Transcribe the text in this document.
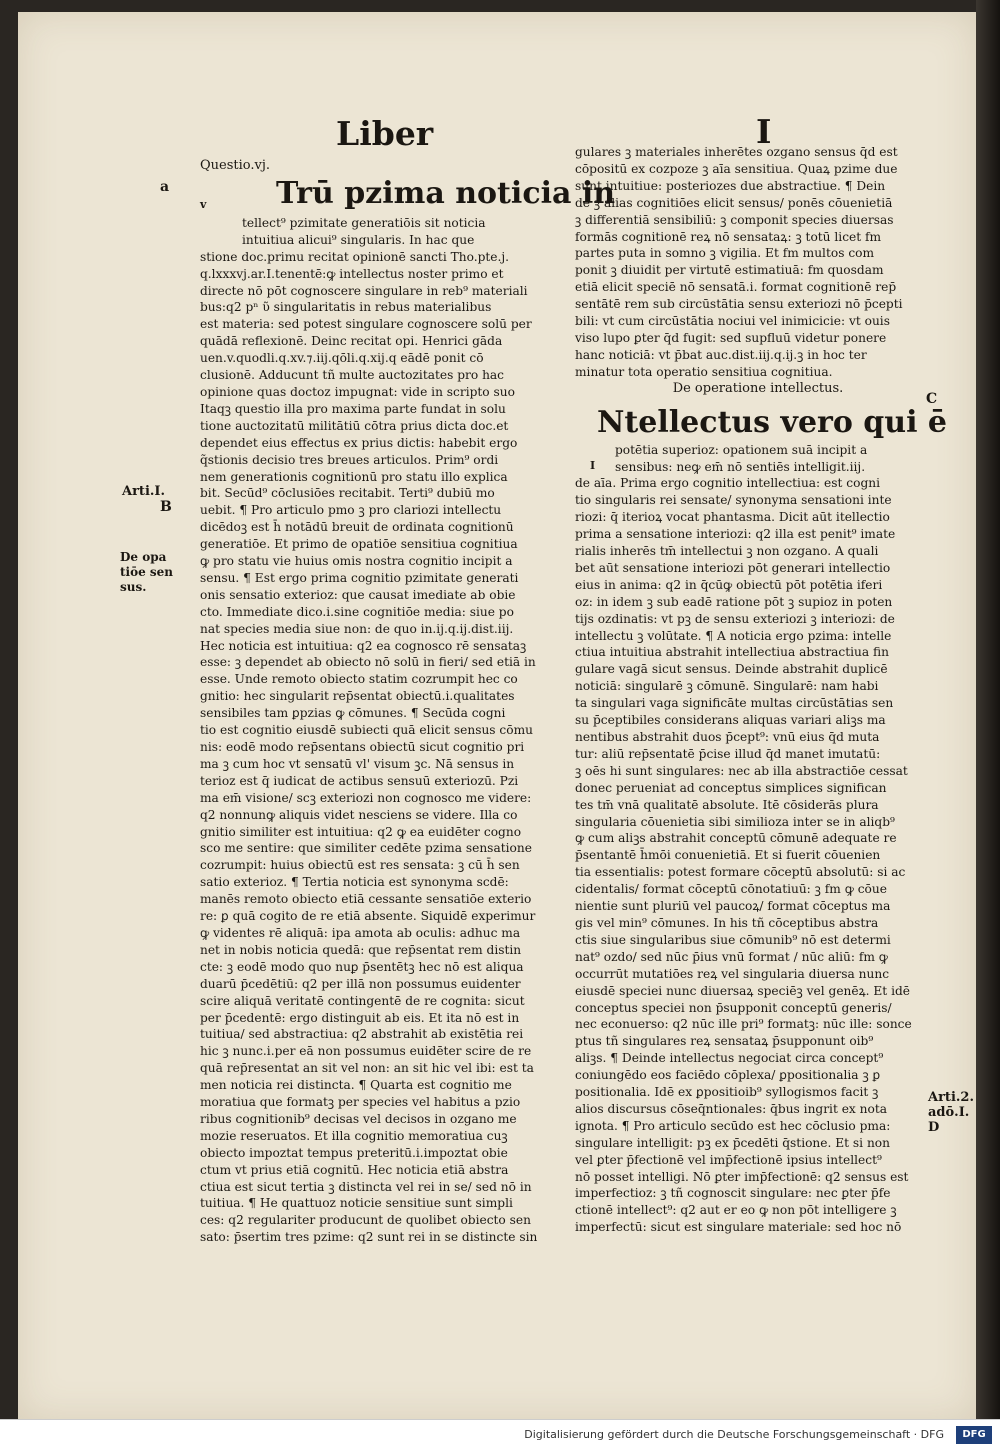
Liber	I

Questio.vj.

Trū pzima noticia in

tellect⁹ pzimitate generatiōis sit noticia

intuitiua alicui⁹ singularis. In hac que

stione doc.primu recitat opinionē sancti Tho.pte.j.

q.lxxxvj.ar.I.tenentē:ꝙ intellectus noster primo et

directe nō pōt cognoscere singulare in reb⁹ materiali

bus:q2 pⁿ ῦ singularitatis in rebus materialibus

est materia: sed potest singulare cognoscere solū per

quādā reflexionē. Deinc recitat opi. Henrici gāda

uen.v.quodli.q.xv.⁊.iij.qōli.q.xij.q eādē ponit cō

clusionē. Adducunt tñ multe auctozitates pro hac

opinione quas doctoz impugnat: vide in scripto suo

Itaqꝫ questio illa pro maxima parte fundat in solu

tione auctozitatū militātiū cōtra prius dicta doc.et

dependet eius effectus ex prius dictis: habebit ergo

q̃stionis decisio tres breues articulos. Prim⁹ ordi

nem generationis cognitionū pro statu illo explica

bit. Secūd⁹ cōclusiōes recitabit. Terti⁹ dubiū mo

uebit. ¶ Pro articulo pmo ꝫ pro clariozi intellectu

dicēdoꝫ est h̄ notādū breuit de ordinata cognitionū

generatiōe. Et primo de opatiōe sensitiua cognitiua

ꝙ pro statu vie huius omis nostra cognitio incipit a

sensu. ¶ Est ergo prima cognitio pzimitate generati

onis sensatio exterioz: que causat imediate ab obie

cto. Immediate dico.i.sine cognitiōe media: siue po

nat species media siue non: de quo in.ij.q.ij.dist.iij.

Hec noticia est intuitiua: q2 ea cognosco rē sensataꝫ

esse: ꝫ dependet ab obiecto nō solū in fieri/ sed etiā in

esse. Unde remoto obiecto statim cozrumpit hec co

gnitio: hec singularit rep̄sentat obiectū.i.qualitates

sensibiles tam ꝑpzias ꝙ cōmunes. ¶ Secūda cogni

tio est cognitio eiusdē subiecti quā elicit sensus cōmu

nis: eodē modo rep̄sentans obiectū sicut cognitio pri

ma ꝫ cum hoc vt sensatū vl' visum ꝫc. Nā sensus in

terioz est q̄ iudicat de actibus sensuū exteriozū. Pzi

ma em̄ visione/ scꝫ exteriozi non cognosco me videre:

q2 nonnunꝙ aliquis videt nesciens se videre. Illa co

gnitio similiter est intuitiua: q2 ꝙ ea euidēter cogno

sco me sentire: que similiter cedēte pzima sensatione

cozrumpit: huius obiectū est res sensata: ꝫ cū h̄ sen

satio exterioz. ¶ Tertia noticia est synonyma scdē:

manēs remoto obiecto etiā cessante sensatiōe exterio

re: ꝑ quā cogito de re etiā absente. Siquidē experimur

ꝙ videntes rē aliquā: ipa amota ab oculis: adhuc ma

net in nobis noticia quedā: que rep̄sentat rem distin

cte: ꝫ eodē modo quo nuꝑ p̄sentētꝫ hec nō est aliqua

duarū p̄cedētiū: q2 per illā non possumus euidenter

scire aliquā veritatē contingentē de re cognita: sicut

per p̄cedentē: ergo distinguit ab eis. Et ita nō est in

tuitiua/ sed abstractiua: q2 abstrahit ab existētia rei

hic ꝫ nunc.i.per eā non possumus euidēter scire de re

quā rep̄resentat an sit vel non: an sit hic vel ibi: est ta

men noticia rei distincta. ¶ Quarta est cognitio me

moratiua que formatꝫ per species vel habitus a pzio

ribus cognitionib⁹ decisas vel decisos in ozgano me

mozie reseruatos. Et illa cognitio memoratiua cuꝫ

obiecto impoztat tempus preteritū.i.impoztat obie

ctum vt prius etiā cognitū. Hec noticia etiā abstra

ctiua est sicut tertia ꝫ distincta vel rei in se/ sed nō in

tuitiua. ¶ He quattuoz noticie sensitiue sunt simpli

ces: q2 regulariter producunt de quolibet obiecto sen

sato: p̄sertim tres pzime: q2 sunt rei in se distincte sin

gulares ꝫ materiales inherētes ozgano sensus q̄d est

cōpositū ex cozpoze ꝫ aīa sensitiua. Quaꝝ pzime due

sunt intuitiue: posteriozes due abstractiue. ¶ Dein

de ꝫ alias cognitiōes elicit sensus/ ponēs cōuenietiā

ꝫ differentiā sensibiliū: ꝫ componit species diuersas

formās cognitionē reꝝ nō sensataꝝ: ꝫ totū licet fm

partes puta in somno ꝫ vigilia. Et fm multos com

ponit ꝫ diuidit per virtutē estimatiuā: fm quosdam

etiā elicit speciē nō sensatā.i. format cognitionē rep̄

sentātē rem sub circūstātia sensu exteriozi nō p̄cepti

bili: vt cum circūstātia nociui vel inimicicie: vt ouis

viso lupo ꝑter q̄d fugit: sed supfluū videtur ponere

hanc noticiā: vt p̄bat auc.dist.iij.q.ij.ꝫ in hoc ter

minatur tota operatio sensitiua cognitiua.

De operatione intellectus.

Ntellectus vero qui ē

potētia superioz: opationem suā incipit a

sensibus: neꝙ em̄ nō sentiēs intelligit.iij.

de aīa. Prima ergo cognitio intellectiua: est cogni

tio singularis rei sensate/ synonyma sensationi inte

riozi: q̄ iterioꝝ vocat phantasma. Dicit aūt itellectio

prima a sensatione interiozi: q2 illa est penit⁹ imate

rialis inherēs tm̄ intellectui ꝫ non ozgano. A quali

bet aūt sensatione interiozi pōt generari intellectio

eius in anima: q2 in q̄cūꝙ obiectū pōt potētia iferi

oz: in idem ꝫ sub eadē ratione pōt ꝫ supioz in poten

tijs ozdinatis: vt pꝫ de sensu exteriozi ꝫ interiozi: de

intellectu ꝫ volūtate. ¶ A noticia ergo pzima: intelle

ctiua intuitiua abstrahit intellectiua abstractiua fin

gulare vagā sicut sensus. Deinde abstrahit duplicē

noticiā: singularē ꝫ cōmunē. Singularē: nam habi

ta singulari vaga significāte multas circūstātias sen

su p̄ceptibiles considerans aliquas variari aliꝫs ma

nentibus abstrahit duos p̄cept⁹: vnū eius q̄d muta

tur: aliū rep̄sentatē p̄cise illud q̄d manet imutatū:

ꝫ oēs hi sunt singulares: nec ab illa abstractiōe cessat

donec perueniat ad conceptus simplices significan

tes tm̄ vnā qualitatē absolute. Itē cōsiderās plura

singularia cōuenietia sibi similioza inter se in aliqb⁹

ꝙ cum aliꝫs abstrahit conceptū cōmunē adequate re

p̄sentantē h̄mōi conuenietiā. Et si fuerit cōuenien

tia essentialis: potest formare cōceptū absolutū: si ac

cidentalis/ format cōceptū cōnotatiuū: ꝫ fm ꝙ cōue

nientie sunt pluriū vel paucoꝝ/ format cōceptus ma

gis vel min⁹ cōmunes. In his tñ cōceptibus abstra

ctis siue singularibus siue cōmunib⁹ nō est determi

nat⁹ ozdo/ sed nūc p̄ius vnū format / nūc aliū: fm ꝙ

occurrūt mutatiōes reꝝ vel singularia diuersa nunc

eiusdē speciei nunc diuersaꝝ speciēꝫ vel genēꝝ. Et idē

conceptus speciei non p̄supponit conceptū generis/

nec econuerso: q2 nūc ille pri⁹ formatꝫ: nūc ille: sonce

ptus tñ singulares reꝝ sensataꝝ p̄supponunt oib⁹

aliꝫs. ¶ Deinde intellectus negociat circa concept⁹

coniungēdo eos faciēdo cōplexa/ ꝑpositionalia ꝫ ꝑ

positionalia. Idē ex ꝑpositioib⁹ syllogismos facit ꝫ

alios discursus cōseq̄ntionales: q̄bus ingrit ex nota

ignota. ¶ Pro articulo secūdo est hec cōclusio pma:

singulare intelligit: pꝫ ex p̄cedēti q̄stione. Et si non

vel ꝑter p̄fectionē vel imp̄fectionē ipsius intellect⁹

nō posset intelligi. Nō ꝑter imp̄fectionē: q2 sensus est

imperfectioz: ꝫ tñ cognoscit singulare: nec ꝑter p̄fe

ctionē intellect⁹: q2 aut er eo ꝙ non pōt intelligere ꝫ

imperfectū: sicut est singulare materiale: sed hoc nō

a
v
Arti.I.
B
De opa
tiōe sen
sus.
C
I
Arti.2.
adō.I.
D
Digitalisierung gefördert durch die Deutsche Forschungsgemeinschaft · DFG	DFG
